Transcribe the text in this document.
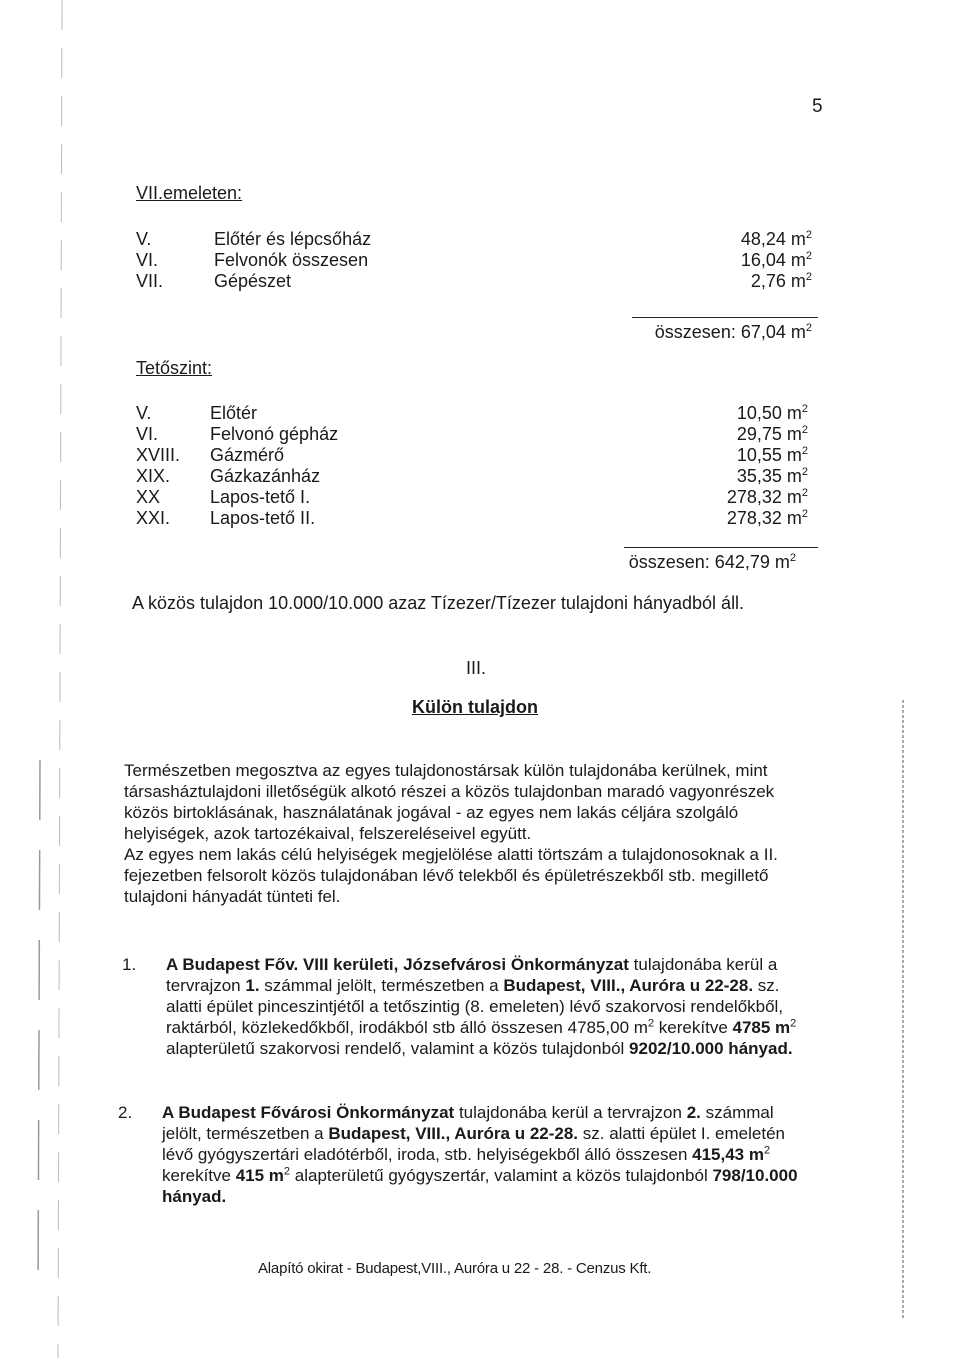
5
VII.emeleten:
V.	Előtér és lépcsőház	48,24 $m^2$
VI.	Felvonók összesen	16,04 $m^2$
VII.	Gépészet	2,76 $m^2$
összesen: 67,04 $m^2$
Tetőszint:
V.	Előtér	10,50 $m^2$
VI.	Felvonó gépház	29,75 $m^2$
XVIII.	Gázmérő	10,55 $m^2$
XIX.	Gázkazánház	35,35 $m^2$
XX	Lapos-tető I.	278,32 $m^2$
XXI.	Lapos-tető II.	278,32 $m^2$
összesen: 642,79 $m^2$
A közös tulajdon 10.000/10.000 azaz Tízezer/Tízezer tulajdoni hányadból áll.
III.
Külön tulajdon

Természetben megosztva az egyes tulajdonostársak külön tulajdonába kerülnek, mint társasháztulajdoni illetőségük alkotó részei a közös tulajdonban maradó vagyonrészek közös birtoklásának, használatának jogával - az egyes nem lakás céljára szolgáló helyiségek, azok tartozékaival, felszereléseivel együtt.

Az egyes nem lakás célú helyiségek megjelölése alatti törtszám a tulajdonosoknak a II. fejezetben felsorolt közös tulajdonában lévő telekből és épületrészekből stb. megillető tulajdoni hányadát tünteti fel.

1. A Budapest Főv. VIII kerületi, Józsefvárosi Önkormányzat tulajdonába kerül a tervrajzon 1. számmal jelölt, természetben a Budapest, VIII., Auróra u 22-28. sz. alatti épület pinceszintjétől a tetőszintig (8. emeleten) lévő szakorvosi rendelőkből, raktárból, közlekedőkből, irodákból stb álló összesen 4785,00 $m^2$ kerekítve 4785 $m^2$ alapterületű szakorvosi rendelő, valamint a közös tulajdonból 9202/10.000 hányad.
2. A Budapest Fővárosi Önkormányzat tulajdonába kerül a tervrajzon 2. számmal jelölt, természetben a Budapest, VIII., Auróra u 22-28. sz. alatti épület I. emeletén lévő gyógyszertári eladótérből, iroda, stb. helyiségekből álló összesen 415,43 $m^2$ kerekítve 415 $m^2$ alapterületű gyógyszertár, valamint a közös tulajdonból 798/10.000 hányad.
Alapító okirat - Budapest,VIII., Auróra u 22 - 28. - Cenzus Kft.
